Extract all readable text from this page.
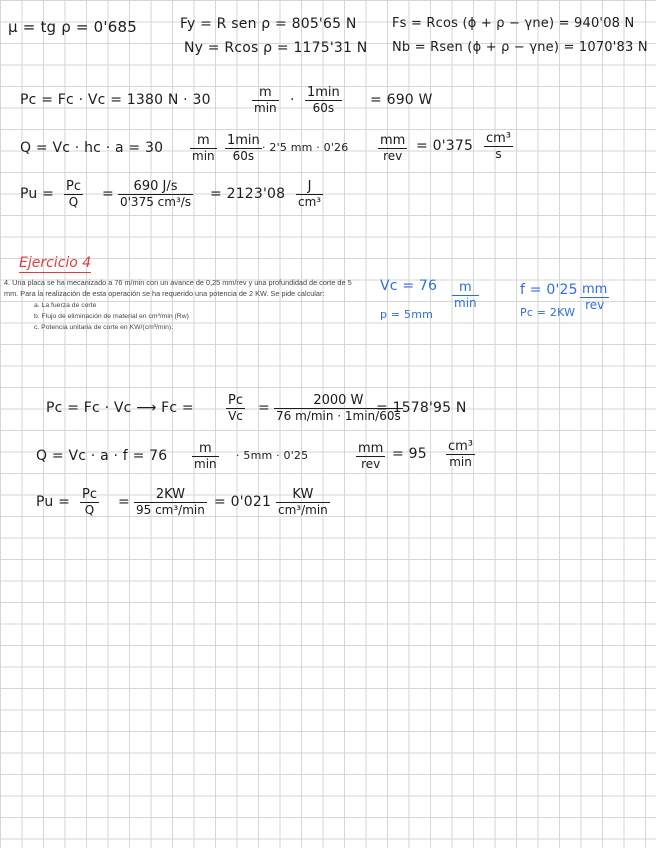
μ = tg ρ = 0'685	Fy = R sen ρ = 805'65 N	Fs = Rcos (ϕ + ρ − γne) = 940'08 N
Ny = Rcos ρ = 1175'31 N Nb = Rsen (ϕ + ρ − γne) = 1070'83 N
Pc = Fc · Vc = 1380 N · 30	m
min · 1min
60s	= 690 W
Q = Vc · hc · a = 30	m
min
1min
60s
· 2'5 mm · 0'26 mm
rev
= $0'375 \frac{\text{cm³}}{s}$
$Pu = \frac{Pc}{Q} = \frac{690 J/s}{\text{0'375 cm³/s}} = 2123'08 \frac{J}{\text{cm³}}$
Ejercicio 4

4. Una placa se ha mecanizado a 76 m/min con un avance de 0,25 mm/rev y una profundidad de corte de 5 mm. Para la realización de esta operación se ha requerido una potencia de 2 KW. Se pide calcular:

a. La fuerza de corte
b. Flujo de eliminación de material en cm³/min (Rw)
c. Potencia unitaria de corte en KW/(cm³/min).
Vc = 76	m
min
p = 5mm
f = 0'25 mm
rev
Pc = 2KW
Pc = Fc · Vc ⟶ $Fc = \frac{Pc}{Vc}$ =	2000 W
76 m/min · 1min/60s
= 1578'95 N
Q = Vc · a · f = 76	m
min
· 5mm · 0'25	mm
rev
= 95 cm³
min
$Pu = \frac{Pc}{Q}$ =	2KW
95 cm³/min = 0'021	KW
cm³/min
